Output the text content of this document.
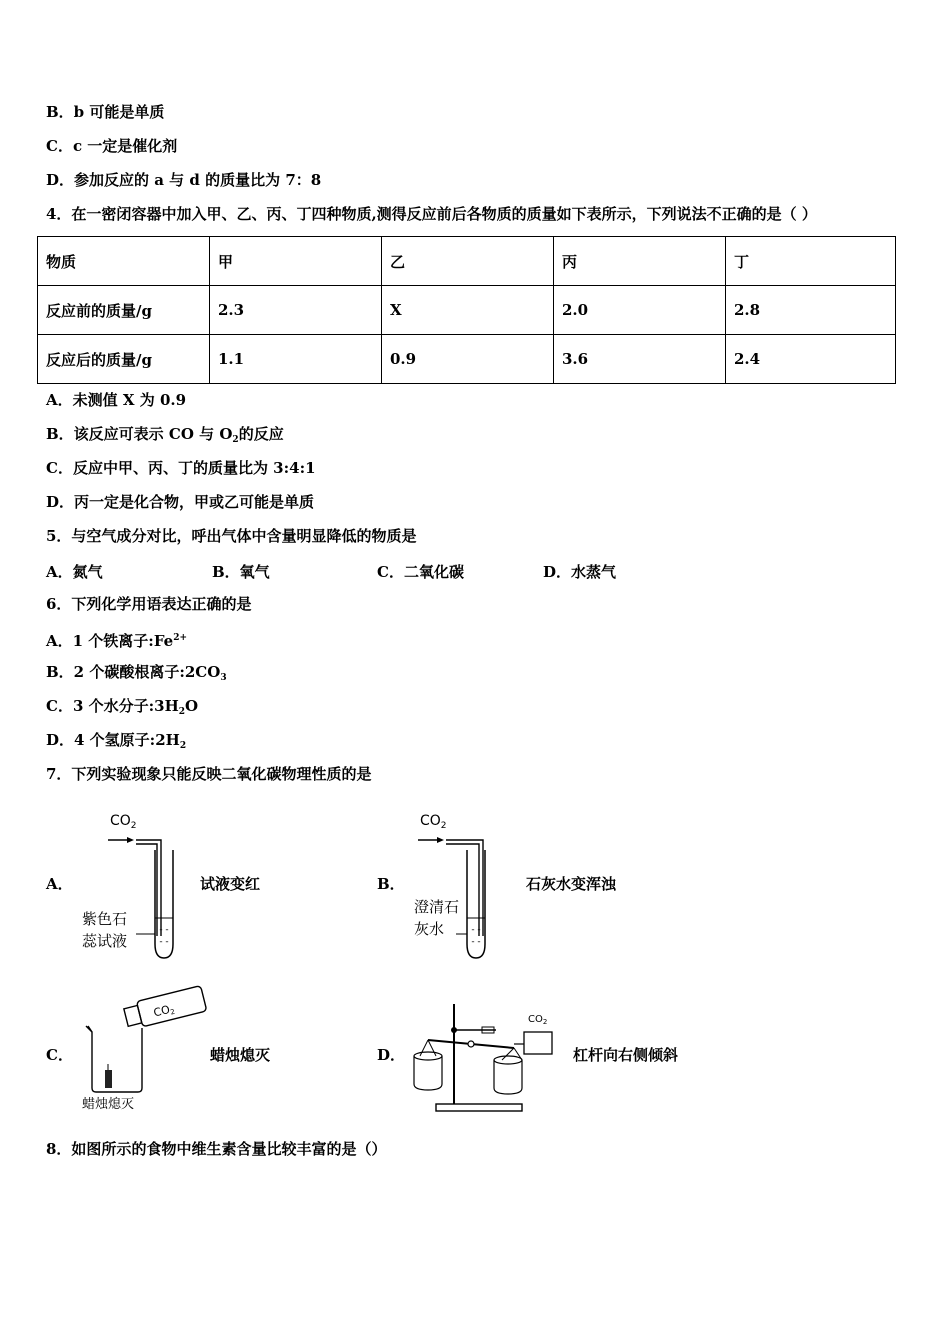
B．b 可能是单质
C．c 一定是催化剂
D．参加反应的 a 与 d 的质量比为 7：8
4．在一密闭容器中加入甲、乙、丙、丁四种物质,测得反应前后各物质的质量如下表所示，下列说法不正确的是（ ）
物质	甲	乙	丙	丁
反应前的质量/g	2.3	X	2.0	2.8
反应后的质量/g	1.1	0.9	3.6	2.4
A．未测值 X 为 0.9
B．该反应可表示 CO 与 $O_2$的反应
C．反应中甲、丙、丁的质量比为 3:4:1
D．丙一定是化合物，甲或乙可能是单质
5．与空气成分对比，呼出气体中含量明显降低的物质是
A．氮气	B．氧气	C．二氧化碳	D．水蒸气
6．下列化学用语表达正确的是
A．1 个铁离子$:Fe^{2+}$
B．2 个碳酸根离子$:2CO_3$
C．3 个水分子$:3H_2O$
D．4 个氢原子$:2H_2$
7．下列实验现象只能反映二氧化碳物理性质的是
A．
$CO_2$
- -
- -
紫色石
蕊试液
试液变红	B．
$CO_2$
- -
- -
澄清石
灰水
石灰水变浑浊
C．
CO2
蜡烛熄灭
蜡烛熄灭	D．
$CO_2$
杠杆向右侧倾斜
8．如图所示的食物中维生素含量比较丰富的是（）
